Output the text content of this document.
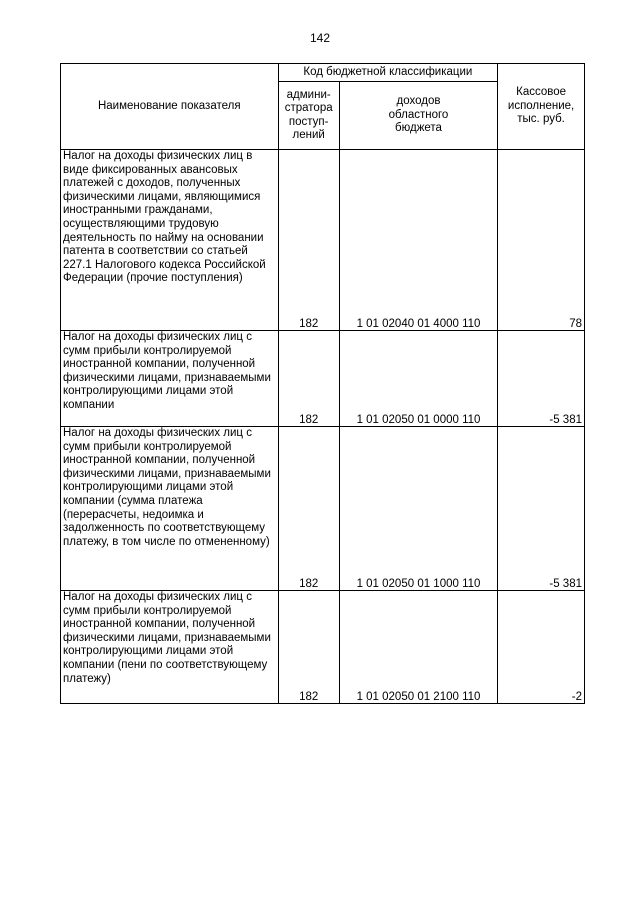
142
Наименование показателя	Код бюджетной классификации		Кассовое
исполнение,
тыс. руб.
	админи-
стратора
поступ-
лений	доходов
областного
бюджета	
Налог на доходы физических лиц в виде фиксированных авансовых платежей с доходов, полученных физическими лицами, являющимися иностранными гражданами, осуществляющими трудовую деятельность по найму на основании патента в соответствии со статьей 227.1 Налогового кодекса Российской Федерации (прочие поступления)	182	1 01 02040 01 4000 110	78
Налог на доходы физических лиц с сумм прибыли контролируемой иностранной компании, полученной физическими лицами, признаваемыми контролирующими лицами этой компании	182	1 01 02050 01 0000 110	-5 381
Налог на доходы физических лиц с сумм прибыли контролируемой иностранной компании, полученной физическими лицами, признаваемыми контролирующими лицами этой компании (сумма платежа (перерасчеты, недоимка и задолженность по соответствующему платежу, в том числе по отмененному)	182	1 01 02050 01 1000 110	-5 381
Налог на доходы физических лиц с сумм прибыли контролируемой иностранной компании, полученной физическими лицами, признаваемыми контролирующими лицами этой компании (пени по соответствующему платежу)	182	1 01 02050 01 2100 110	-2
